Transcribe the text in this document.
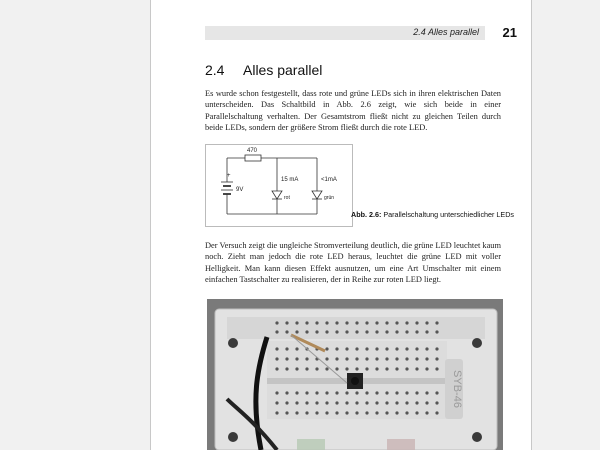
2.4 Alles parallel 21
2.4 Alles parallel

Es wurde schon festgestellt, dass rote und grüne LEDs sich in ihren elektrischen Daten unterscheiden. Das Schaltbild in Abb. 2.6 zeigt, wie sich beide in einer Parallelschaltung verhalten. Der Gesamtstrom fließt nicht zu gleichen Teilen durch beide LEDs, sondern der größere Strom fließt durch die rote LED.

470
+
9V
15 mA
rot
<1mA
grün
Abb. 2.6: Parallelschaltung unterschiedlicher LEDs

Der Versuch zeigt die ungleiche Stromverteilung deutlich, die grüne LED leuchtet kaum noch. Zieht man jedoch die rote LED heraus, leuchtet die grüne LED mit voller Helligkeit. Man kann diesen Effekt ausnutzen, um eine Art Umschalter mit einem einfachen Tastschalter zu realisieren, der in Reihe zur roten LED liegt.

SYB-46
